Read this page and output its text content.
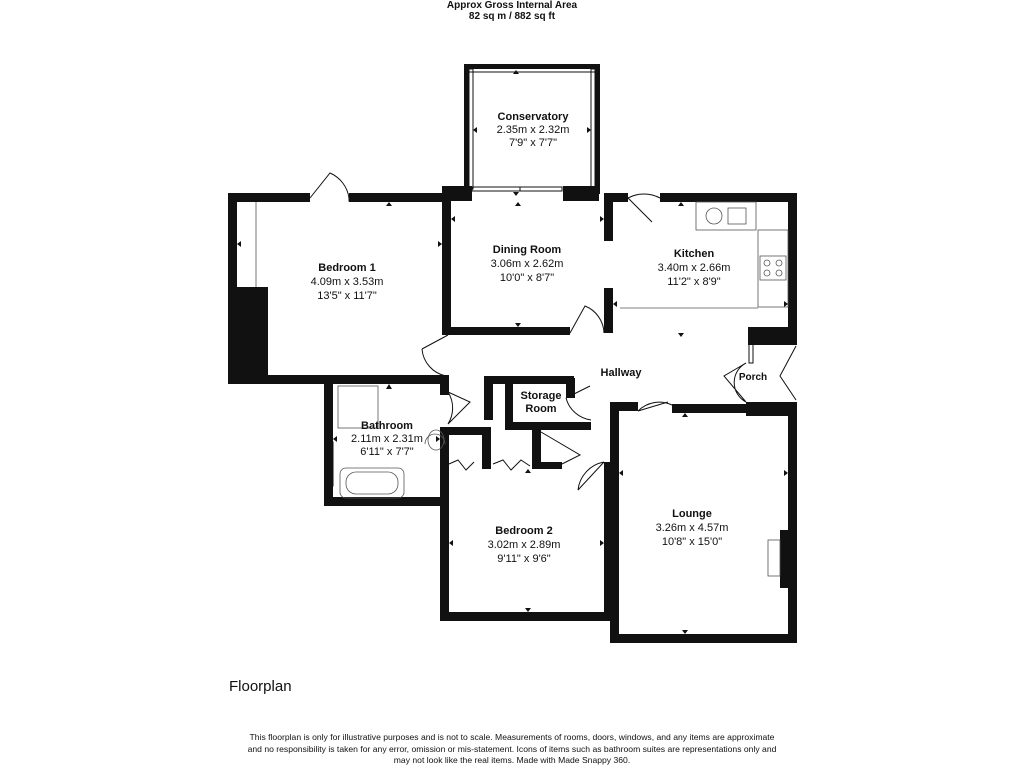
Approx Gross Internal Area
82 sq m / 882 sq ft
Conservatory
2.35m x 2.32m
7'9" x 7'7"
Bedroom 1
4.09m x 3.53m
13'5" x 11'7"
Dining Room
3.06m x 2.62m
10'0" x 8'7"
Kitchen
3.40m x 2.66m
11'2" x 8'9"
Hallway	Porch
Storage
Room
Bathroom
2.11m x 2.31m
6'11" x 7'7"
Bedroom 2
3.02m x 2.89m
9'11" x 9'6"
Lounge
3.26m x 4.57m
10'8" x 15'0"
Floorplan
This floorplan is only for illustrative purposes and is not to scale. Measurements of rooms, doors, windows, and any items are approximate
and no responsibility is taken for any error, omission or mis-statement. Icons of items such as bathroom suites are representations only and
may not look like the real items. Made with Made Snappy 360.
